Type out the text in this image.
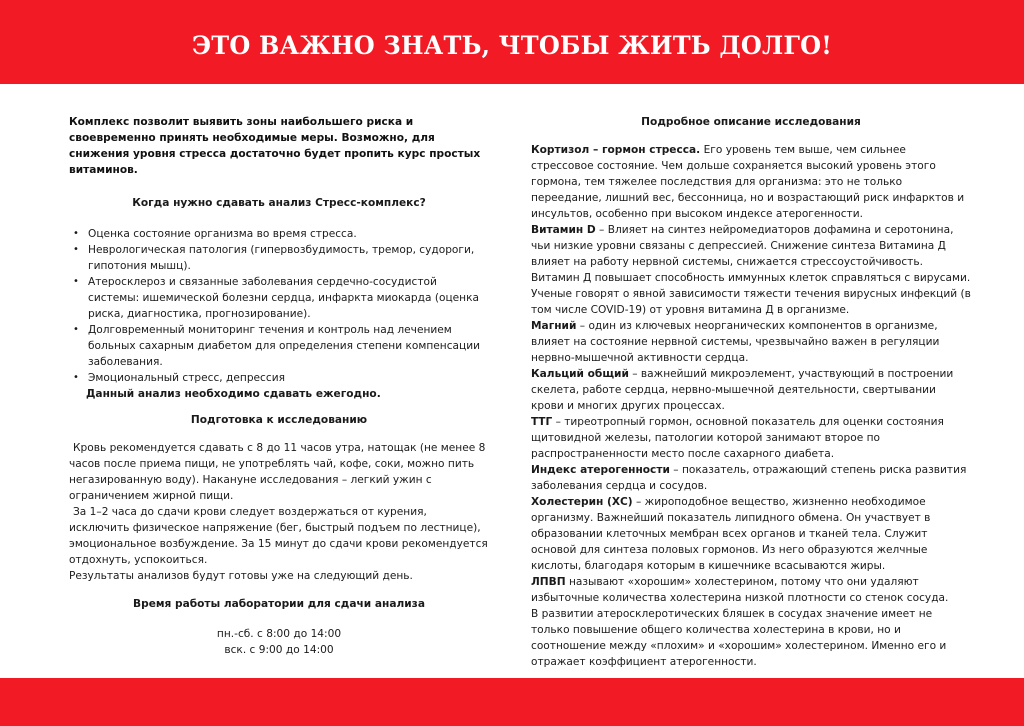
ЭТО ВАЖНО ЗНАТЬ, ЧТОБЫ ЖИТЬ ДОЛГО!

Комплекс позволит выявить зоны наибольшего риска и своевременно принять необходимые меры. Возможно, для снижения уровня стресса достаточно будет пропить курс простых витаминов.

Когда нужно сдавать анализ Стресс-комплекс?
• Оценка состояние организма во время стресса.
• Неврологическая патология (гипервозбудимость, тремор, судороги, гипотония мышц).
• Атеросклероз и связанные заболевания сердечно-сосудистой системы: ишемической болезни сердца, инфаркта миокарда (оценка риска, диагностика, прогнозирование).
• Долговременный мониторинг течения и контроль над лечением больных сахарным диабетом для определения степени компенсации заболевания.
• Эмоциональный стресс, депрессия

Данный анализ необходимо сдавать ежегодно.

Подготовка к исследованию

Кровь рекомендуется сдавать с 8 до 11 часов утра, натощак (не менее 8 часов после приема пищи, не употреблять чай, кофе, соки, можно пить негазированную воду). Накануне исследования – легкий ужин с ограничением жирной пищи.

За 1–2 часа до сдачи крови следует воздержаться от курения, исключить физическое напряжение (бег, быстрый подъем по лестнице), эмоциональное возбуждение. За 15 минут до сдачи крови рекомендуется отдохнуть, успокоиться.

Результаты анализов будут готовы уже на следующий день.

Время работы лаборатории для сдачи анализа

пн.-сб. с 8:00 до 14:00

вск. с 9:00 до 14:00

Подробное описание исследования

Кортизол – гормон стресса. Его уровень тем выше, чем сильнее стрессовое состояние. Чем дольше сохраняется высокий уровень этого гормона, тем тяжелее последствия для организма: это не только переедание, лишний вес, бессонница, но и возрастающий риск инфарктов и инсультов, особенно при высоком индексе атерогенности.

Витамин D – Влияет на синтез нейромедиаторов дофамина и серотонина, чьи низкие уровни связаны с депрессией. Снижение синтеза Витамина Д влияет на работу нервной системы, снижается стрессоустойчивость. Витамин Д повышает способность иммунных клеток справляться с вирусами. Ученые говорят о явной зависимости тяжести течения вирусных инфекций (в том числе COVID-19) от уровня витамина Д в организме.

Магний – один из ключевых неорганических компонентов в организме, влияет на состояние нервной системы, чрезвычайно важен в регуляции нервно-мышечной активности сердца.

Кальций общий – важнейший микроэлемент, участвующий в построении скелета, работе сердца, нервно-мышечной деятельности, свертывании крови и многих других процессах.

ТТГ – тиреотропный гормон, основной показатель для оценки состояния щитовидной железы, патологии которой занимают второе по распространенности место после сахарного диабета.

Индекс атерогенности – показатель, отражающий степень риска развития заболевания сердца и сосудов.

Холестерин (ХС) – жироподобное вещество, жизненно необходимое организму. Важнейший показатель липидного обмена. Он участвует в образовании клеточных мембран всех органов и тканей тела. Служит основой для синтеза половых гормонов. Из него образуются желчные кислоты, благодаря которым в кишечнике всасываются жиры.

ЛПВП называют «хорошим» холестерином, потому что они удаляют избыточные количества холестерина низкой плотности со стенок сосуда.

В развитии атеросклеротических бляшек в сосудах значение имеет не только повышение общего количества холестерина в крови, но и соотношение между «плохим» и «хорошим» холестерином. Именно его и отражает коэффициент атерогенности.
